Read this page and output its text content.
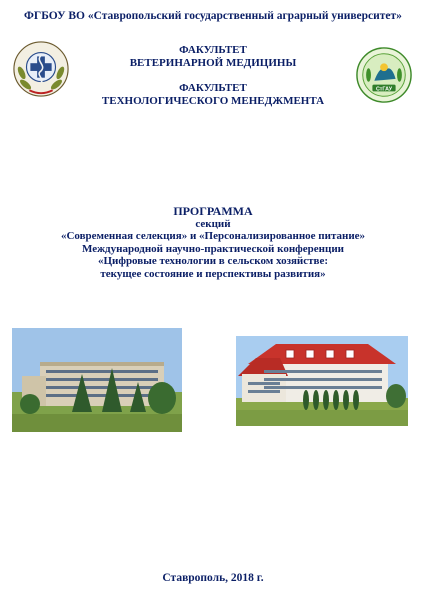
ФГБОУ ВО «Ставропольский государственный аграрный университет»
ФАКУЛЬТЕТ
ВЕТЕРИНАРНОЙ МЕДИЦИНЫ
ФАКУЛЬТЕТ
ТЕХНОЛОГИЧЕСКОГО МЕНЕДЖМЕНТА
СтГАУ
ПРОГРАММА
секций
«Современная селекция» и «Персонализированное питание»
Международной научно-практической конференции
«Цифровые технологии в сельском хозяйстве:
текущее состояние и перспективы развития»
Ставрополь, 2018 г.
